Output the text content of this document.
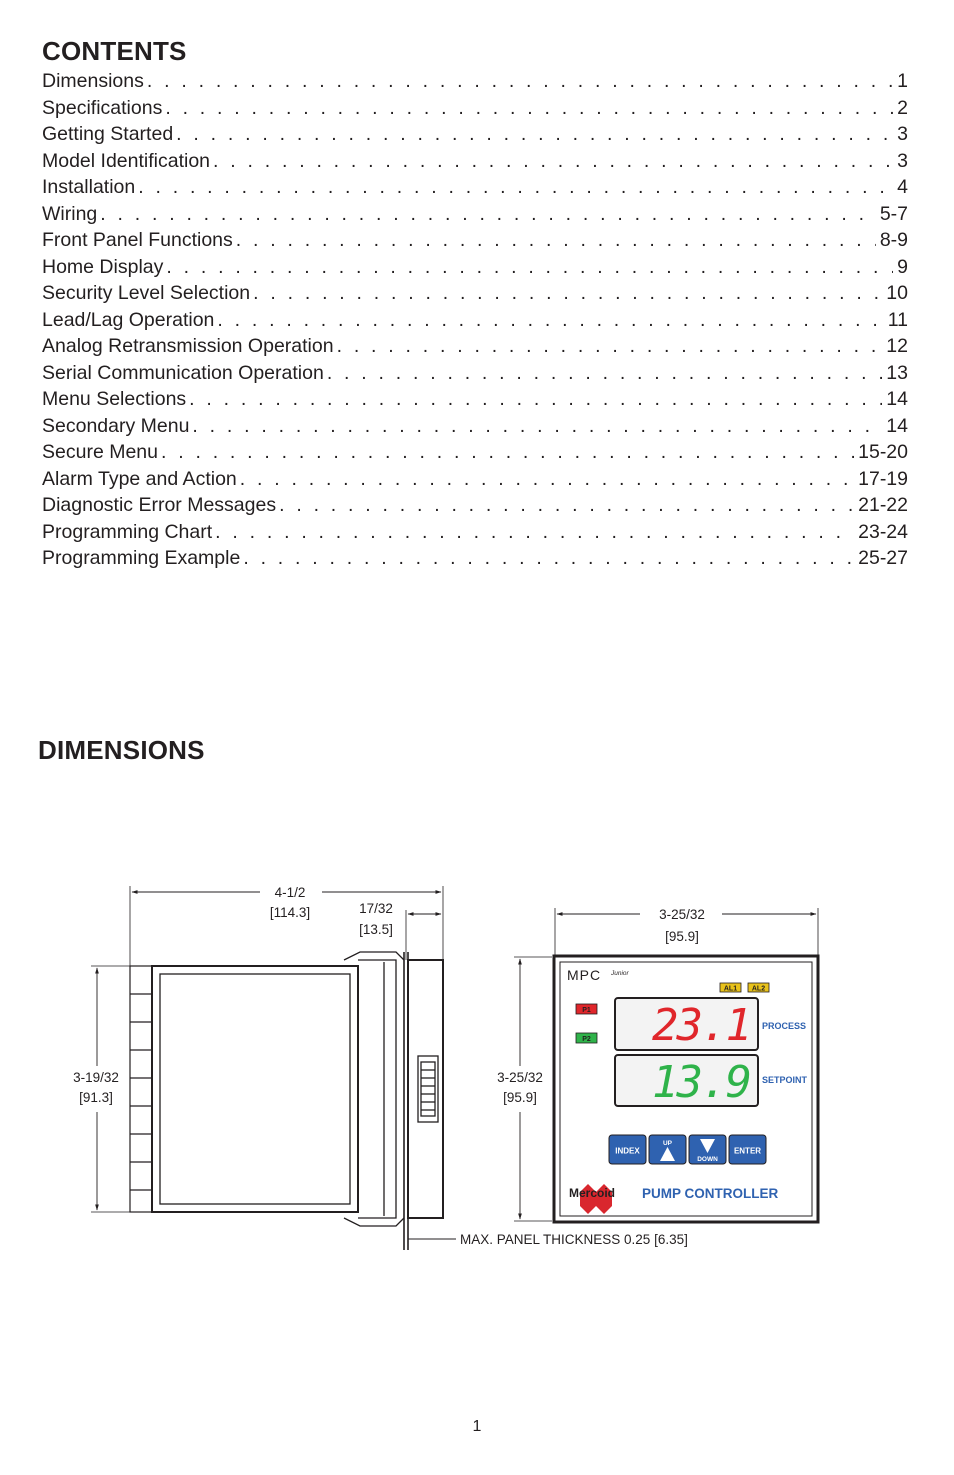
CONTENTS
Dimensions . . .	1
Specifications . . .	2
Getting Started . . .	3
Model Identification . . .	3
Installation . . .	4
Wiring . . .	5-7
Front Panel Functions . . .	8-9
Home Display . . .	9
Security Level Selection . . .	10
Lead/Lag Operation . . .	11
Analog Retransmission Operation . . .	12
Serial Communication Operation . . .	13
Menu Selections . . .	14
Secondary Menu . . .	14
Secure Menu . . .	15-20
Alarm Type and Action . . .	17-19
Diagnostic Error Messages . . .	21-22
Programming Chart . . .	23-24
Programming Example . . .	25-27
DIMENSIONS
4-1/2
[114.3]	17/32
[13.5]
3-19/32
[91.3]
MAX. PANEL THICKNESS 0.25 [6.35]
3-25/32
[95.9]
3-25/32
[95.9]
MPC Junior
AL1 AL2
P1
P2 23.1 PROCESS
13.9 SETPOINT
INDEX
UP
DOWN
ENTER
Mercoid PUMP CONTROLLER
1
